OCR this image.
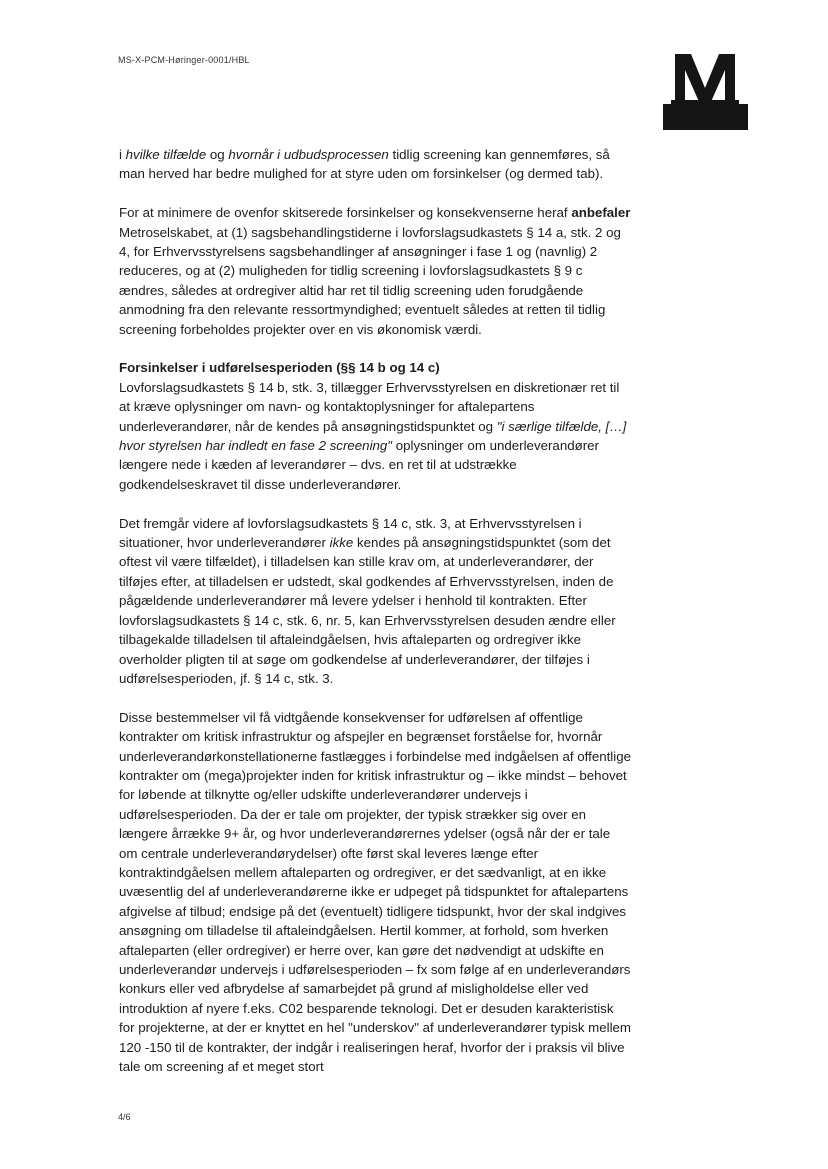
MS-X-PCM-Høringer-0001/HBL

i hvilke tilfælde og hvornår i udbudsprocessen tidlig screening kan gennemføres, så man herved har bedre mulighed for at styre uden om forsinkelser (og dermed tab).

For at minimere de ovenfor skitserede forsinkelser og konsekvenserne heraf anbefaler Metroselskabet, at (1) sagsbehandlingstiderne i lovforslagsudkastets § 14 a, stk. 2 og 4, for Erhvervsstyrelsens sagsbehandlinger af ansøgninger i fase 1 og (navnlig) 2 reduceres, og at (2) muligheden for tidlig screening i lovforslagsudkastets § 9 c ændres, således at ordregiver altid har ret til tidlig screening uden forudgående anmodning fra den relevante ressortmyndighed; eventuelt således at retten til tidlig screening forbeholdes projekter over en vis økonomisk værdi.

Forsinkelser i udførelsesperioden (§§ 14 b og 14 c)

Lovforslagsudkastets § 14 b, stk. 3, tillægger Erhvervsstyrelsen en diskretionær ret til at kræve oplysninger om navn- og kontaktoplysninger for aftalepartens underleverandører, når de kendes på ansøgningstidspunktet og "i særlige tilfælde, […] hvor styrelsen har indledt en fase 2 screening" oplysninger om underleverandører længere nede i kæden af leverandører – dvs. en ret til at udstrække godkendelseskravet til disse underleverandører.

Det fremgår videre af lovforslagsudkastets § 14 c, stk. 3, at Erhvervsstyrelsen i situationer, hvor underleverandører ikke kendes på ansøgningstidspunktet (som det oftest vil være tilfældet), i tilladelsen kan stille krav om, at underleverandører, der tilføjes efter, at tilladelsen er udstedt, skal godkendes af Erhvervsstyrelsen, inden de pågældende underleverandører må levere ydelser i henhold til kontrakten. Efter lovforslagsudkastets § 14 c, stk. 6, nr. 5, kan Erhvervsstyrelsen desuden ændre eller tilbagekalde tilladelsen til aftaleindgåelsen, hvis aftaleparten og ordregiver ikke overholder pligten til at søge om godkendelse af underleverandører, der tilføjes i udførelsesperioden, jf. § 14 c, stk. 3.

Disse bestemmelser vil få vidtgående konsekvenser for udførelsen af offentlige kontrakter om kritisk infrastruktur og afspejler en begrænset forståelse for, hvornår underleverandørkonstellationerne fastlægges i forbindelse med indgåelsen af offentlige kontrakter om (mega)projekter inden for kritisk infrastruktur og – ikke mindst – behovet for løbende at tilknytte og/eller udskifte underleverandører undervejs i udførelsesperioden. Da der er tale om projekter, der typisk strækker sig over en længere årrække 9+ år, og hvor underleverandørernes ydelser (også når der er tale om centrale underleverandørydelser) ofte først skal leveres længe efter kontraktindgåelsen mellem aftaleparten og ordregiver, er det sædvanligt, at en ikke uvæsentlig del af underleverandørerne ikke er udpeget på tidspunktet for aftalepartens afgivelse af tilbud; endsige på det (eventuelt) tidligere tidspunkt, hvor der skal indgives ansøgning om tilladelse til aftaleindgåelsen. Hertil kommer, at forhold, som hverken aftaleparten (eller ordregiver) er herre over, kan gøre det nødvendigt at udskifte en underleverandør undervejs i udførelsesperioden – fx som følge af en underleverandørs konkurs eller ved afbrydelse af samarbejdet på grund af misligholdelse eller ved introduktion af nyere f.eks. C02 besparende teknologi. Det er desuden karakteristisk for projekterne, at der er knyttet en hel "underskov" af underleverandører typisk mellem 120 -150 til de kontrakter, der indgår i realiseringen heraf, hvorfor der i praksis vil blive tale om screening af et meget stort

4/6
